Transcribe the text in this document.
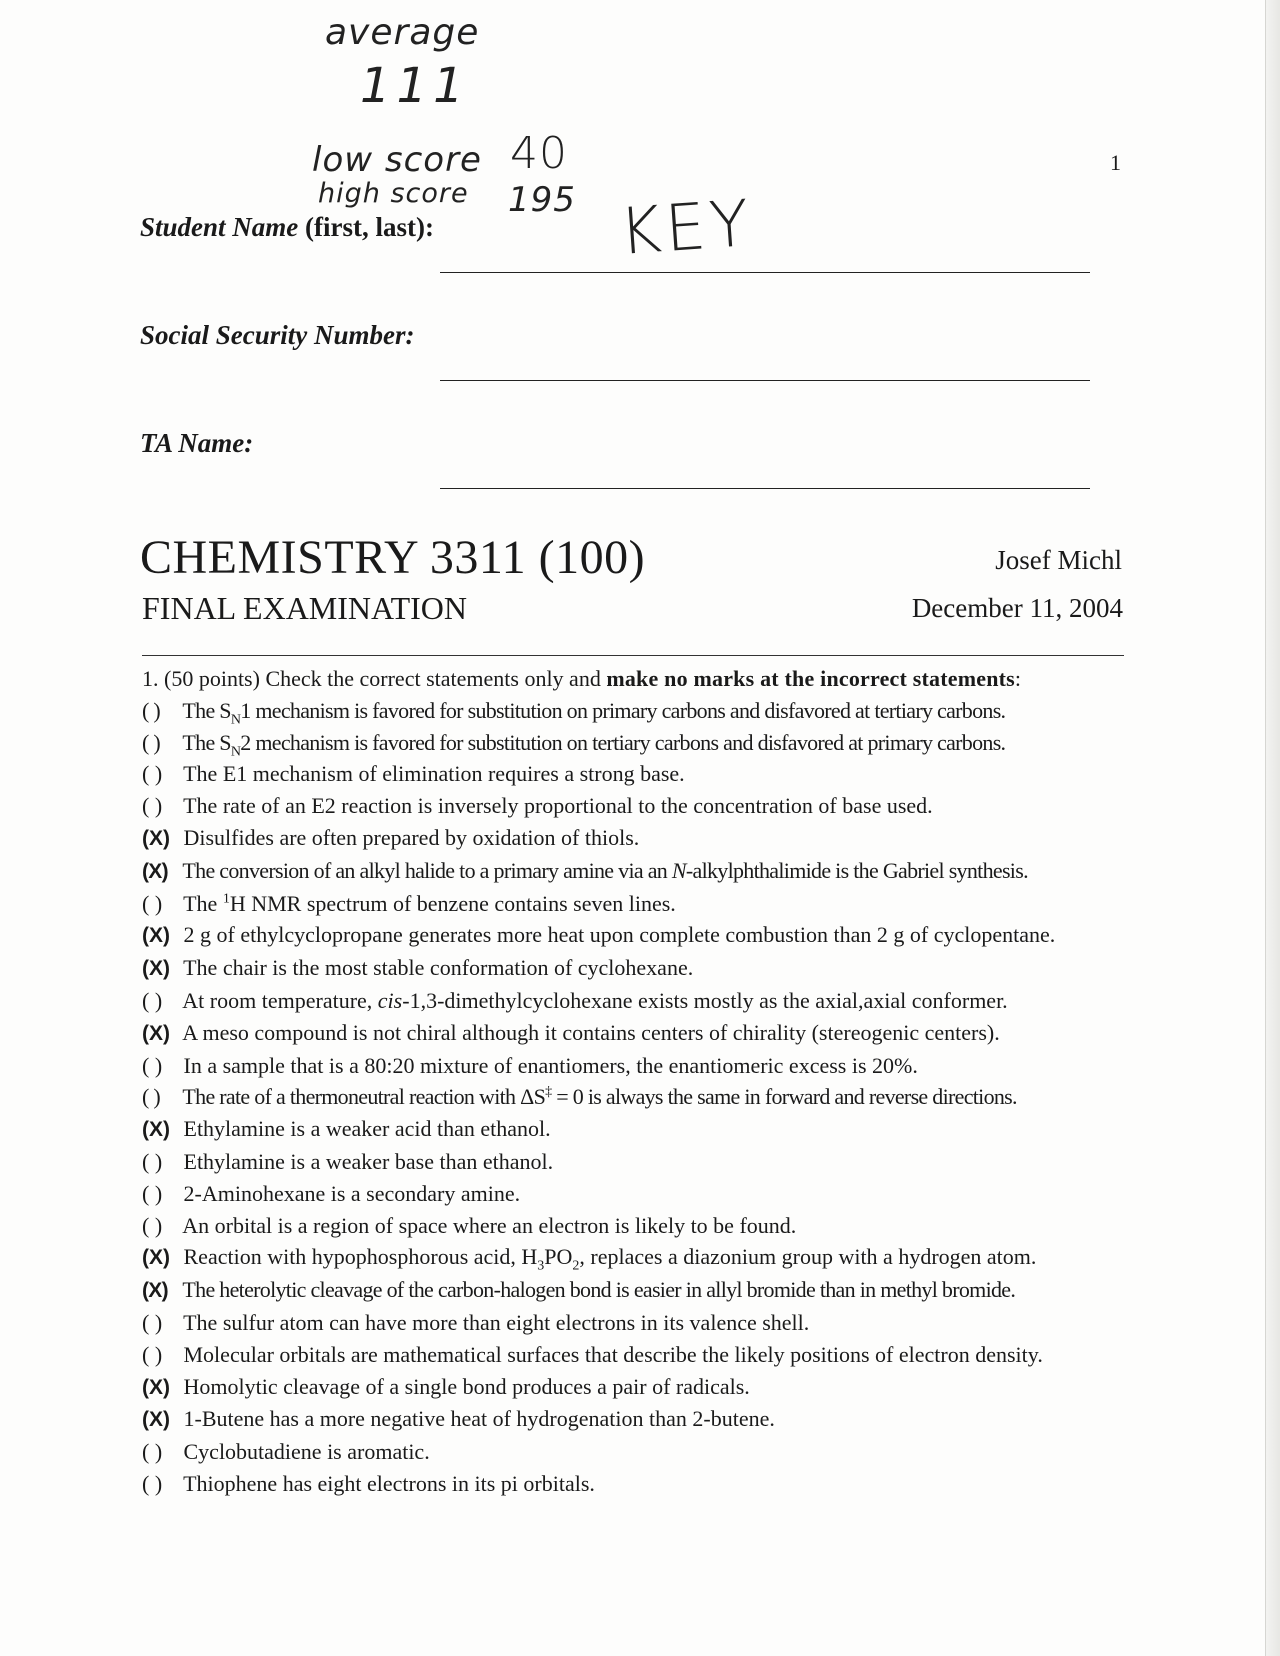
average
111
low score 40
high score 195 KEY
1
Student Name (first, last):
Social Security Number:
TA Name:
CHEMISTRY 3311 (100)
FINAL EXAMINATION
Josef Michl
December 11, 2004
1. (50 points) Check the correct statements only and make no marks at the incorrect statements:
( ) The $S_N1$ mechanism is favored for substitution on primary carbons and disfavored at tertiary carbons.
( ) The $S_N2$ mechanism is favored for substitution on tertiary carbons and disfavored at primary carbons.
( ) The E1 mechanism of elimination requires a strong base.
( ) The rate of an E2 reaction is inversely proportional to the concentration of base used.
(X) Disulfides are often prepared by oxidation of thiols.
(X) The conversion of an alkyl halide to a primary amine via an N-alkylphthalimide is the Gabriel synthesis.
( ) The $^1$H NMR spectrum of benzene contains seven lines.
(X) 2 g of ethylcyclopropane generates more heat upon complete combustion than 2 g of cyclopentane.
(X) The chair is the most stable conformation of cyclohexane.
( ) At room temperature, cis-1,3-dimethylcyclohexane exists mostly as the axial,axial conformer.
(X) A meso compound is not chiral although it contains centers of chirality (stereogenic centers).
( ) In a sample that is a 80:20 mixture of enantiomers, the enantiomeric excess is 20%.
( ) The rate of a thermoneutral reaction with ΔS‡ = 0 is always the same in forward and reverse directions.
(X) Ethylamine is a weaker acid than ethanol.
( ) Ethylamine is a weaker base than ethanol.
( ) 2-Aminohexane is a secondary amine.
( ) An orbital is a region of space where an electron is likely to be found.
(X) Reaction with hypophosphorous acid, $H_3PO_2$, replaces a diazonium group with a hydrogen atom.
(X) The heterolytic cleavage of the carbon-halogen bond is easier in allyl bromide than in methyl bromide.
( ) The sulfur atom can have more than eight electrons in its valence shell.
( ) Molecular orbitals are mathematical surfaces that describe the likely positions of electron density.
(X) Homolytic cleavage of a single bond produces a pair of radicals.
(X) 1-Butene has a more negative heat of hydrogenation than 2-butene.
( ) Cyclobutadiene is aromatic.
( ) Thiophene has eight electrons in its pi orbitals.
